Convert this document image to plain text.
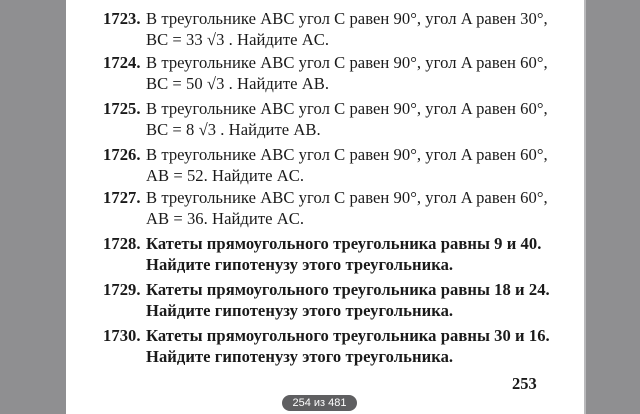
1723. В треугольнике ABC угол C равен 90°, угол A равен 30°,
BC = 33 √3 . Найдите AC.
1724. В треугольнике ABC угол C равен 90°, угол A равен 60°,
BC = 50 √3 . Найдите AB.
1725. В треугольнике ABC угол C равен 90°, угол A равен 60°,
BC = 8 √3 . Найдите AB.
1726. В треугольнике ABC угол C равен 90°, угол A равен 60°,
AB = 52. Найдите AC.
1727. В треугольнике ABC угол C равен 90°, угол A равен 60°,
AB = 36. Найдите AC.
1728. Катеты прямоугольного треугольника равны 9 и 40.
Найдите гипотенузу этого треугольника.
1729. Катеты прямоугольного треугольника равны 18 и 24.
Найдите гипотенузу этого треугольника.
1730. Катеты прямоугольного треугольника равны 30 и 16.
Найдите гипотенузу этого треугольника.
253
254 из 481
